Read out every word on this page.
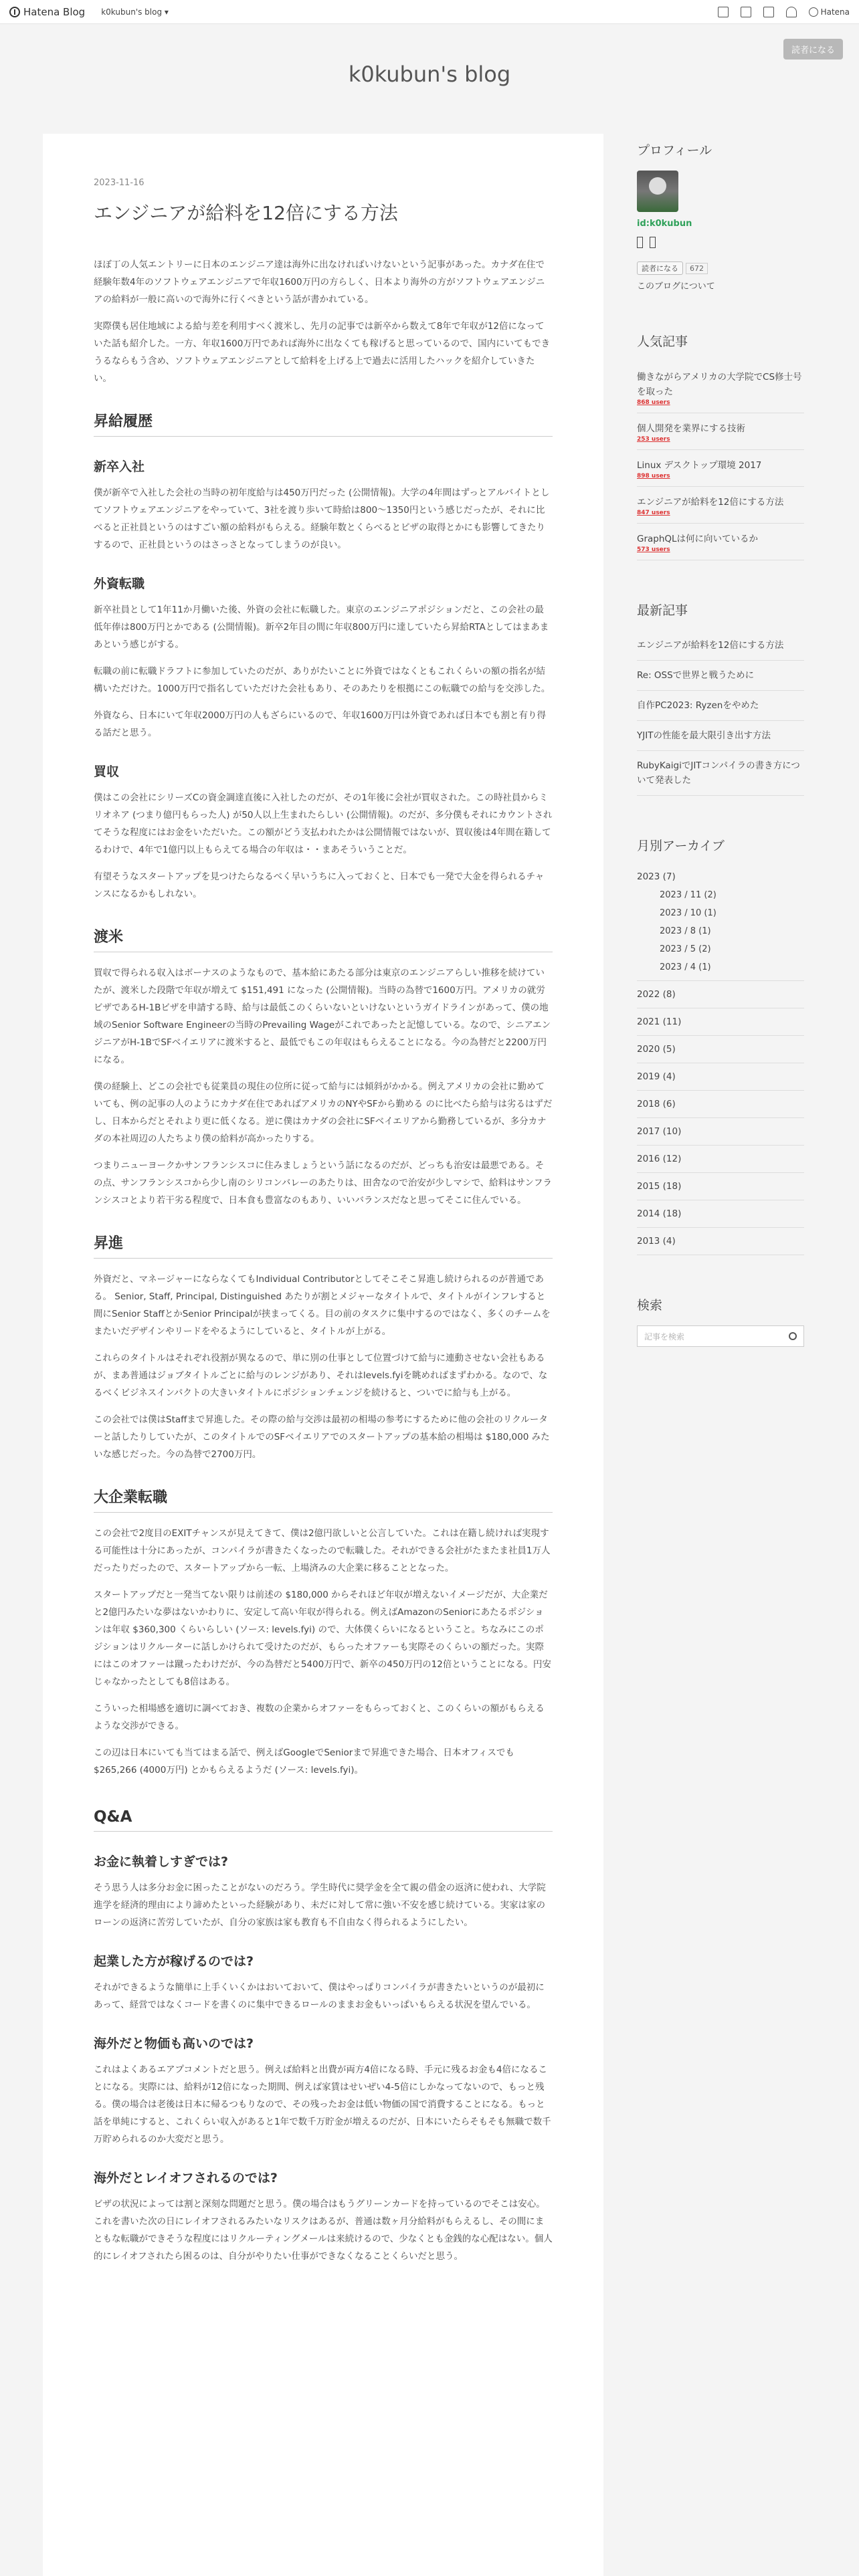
Hatena Blog k0kubun's blog ▾	Hatena
読者になる
k0kubun's blog
2023-11-16
エンジニアが給料を12倍にする方法

ほぼ丁の人気エントリーに日本のエンジニア達は海外に出なければいけないという記事があった。カナダ在住で経験年数4年のソフトウェアエンジニアで年収1600万円の方らしく、日本より海外の方がソフトウェアエンジニアの給料が一般に高いので海外に行くべきという話が書かれている。

実際僕も居住地域による給与差を利用すべく渡米し、先月の記事では新卒から数えて8年で年収が12倍になっていた話も紹介した。一方、年収1600万円であれば海外に出なくても稼げると思っているので、国内にいてもできうるならもう含め、ソフトウェアエンジニアとして給料を上げる上で過去に活用したハックを紹介していきたい。

昇給履歴
新卒入社

僕が新卒で入社した会社の当時の初年度給与は450万円だった (公開情報)。大学の4年間はずっとアルバイトとしてソフトウェアエンジニアをやっていて、3社を渡り歩いて時給は800〜1350円という感じだったが、それに比べると正社員というのはすごい額の給料がもらえる。経験年数とくらべるとピザの取得とかにも影響してきたりするので、正社員というのはさっさとなってしまうのが良い。

外資転職

新卒社員として1年11か月働いた後、外資の会社に転職した。東京のエンジニアポジションだと、この会社の最低年俸は800万円とかである (公開情報)。新卒2年目の間に年収800万円に達していたら昇給RTAとしてはまあまあという感じがする。

転職の前に転職ドラフトに参加していたのだが、ありがたいことに外資ではなくともこれくらいの額の指名が結構いただけた。1000万円で指名していただけた会社もあり、そのあたりを根拠にこの転職での給与を交渉した。

外資なら、日本にいて年収2000万円の人もざらにいるので、年収1600万円は外資であれば日本でも割と有り得る話だと思う。

買収

僕はこの会社にシリーズCの資金調達直後に入社したのだが、その1年後に会社が買収された。この時社員からミリオネア (つまり億円もらった人) が50人以上生まれたらしい (公開情報)。のだが、多分僕もそれにカウントされてそうな程度にはお金をいただいた。この額がどう支払われたかは公開情報ではないが、買収後は4年間在籍してるわけで、4年で1億円以上もらえてる場合の年収は・・まあそういうことだ。

有望そうなスタートアップを見つけたらなるべく早いうちに入っておくと、日本でも一発で大金を得られるチャンスになるかもしれない。

渡米

買収で得られる収入はボーナスのようなもので、基本給にあたる部分は東京のエンジニアらしい推移を続けていたが、渡米した段階で年収が増えて $151,491 になった (公開情報)。当時の為替で1600万円。アメリカの就労ビザであるH-1Bビザを申請する時、給与は最低このくらいないといけないというガイドラインがあって、僕の地域のSenior Software Engineerの当時のPrevailing Wageがこれであったと記憶している。なので、シニアエンジニアがH-1BでSFベイエリアに渡米すると、最低でもこの年収はもらえることになる。今の為替だと2200万円になる。

僕の経験上、どこの会社でも従業員の現住の位所に従って給与には傾斜がかかる。例えアメリカの会社に勤めていても、例の記事の人のようにカナダ在住であればアメリカのNYやSFから勤める のに比べたら給与は劣るはずだし、日本からだとそれより更に低くなる。逆に僕はカナダの会社にSFベイエリアから勤務しているが、多分カナダの本社周辺の人たちより僕の給料が高かったりする。

つまりニューヨークかサンフランシスコに住みましょうという話になるのだが、どっちも治安は最悪である。その点、サンフランシスコから少し南のシリコンバレーのあたりは、田舎なので治安が少しマシで、給料はサンフランシスコとより若干劣る程度で、日本食も豊富なのもあり、いいバランスだなと思ってそこに住んでいる。

昇進

外資だと、マネージャーにならなくてもIndividual Contributorとしてそこそこ昇進し続けられるのが普通である。 Senior, Staff, Principal, Distinguished あたりが割とメジャーなタイトルで、タイトルがインフレすると間にSenior StaffとかSenior Principalが挟まってくる。目の前のタスクに集中するのではなく、多くのチームをまたいだデザインやリードをやるようにしていると、タイトルが上がる。

これらのタイトルはそれぞれ役割が異なるので、単に別の仕事として位置づけて給与に連動させない会社もあるが、まあ普通はジョブタイトルごとに給与のレンジがあり、それはlevels.fyiを眺めればまずわかる。なので、なるべくビジネスインパクトの大きいタイトルにポジションチェンジを続けると、ついでに給与も上がる。

この会社では僕はStaffまで昇進した。その際の給与交渉は最初の相場の参考にするために他の会社のリクルーターと話したりしていたが、このタイトルでのSFベイエリアでのスタートアップの基本給の相場は $180,000 みたいな感じだった。今の為替で2700万円。

大企業転職

この会社で2度目のEXITチャンスが見えてきて、僕は2億円欲しいと公言していた。これは在籍し続ければ実現する可能性は十分にあったが、コンパイラが書きたくなったので転職した。それができる会社がたまたま社員1万人だったりだったので、スタートアップから一転、上場済みの大企業に移ることとなった。

スタートアップだと一発当てない限りは前述の $180,000 からそれほど年収が増えないイメージだが、大企業だと2億円みたいな夢はないかわりに、安定して高い年収が得られる。例えばAmazonのSeniorにあたるポジションは年収 $360,300 くらいらしい (ソース: levels.fyi) ので、大体僕くらいになるということ。ちなみにこのポジションはリクルーターに話しかけられて受けたのだが、もらったオファーも実際そのくらいの額だった。実際にはこのオファーは蹴ったわけだが、今の為替だと5400万円で、新卒の450万円の12倍ということになる。円安じゃなかったとしても8倍はある。

こういった相場感を適切に調べておき、複数の企業からオファーをもらっておくと、このくらいの額がもらえるような交渉ができる。

この辺は日本にいても当てはまる話で、例えばGoogleでSeniorまで昇進できた場合、日本オフィスでも $265,266 (4000万円) とかもらえるようだ (ソース: levels.fyi)。

Q&A
お金に執着しすぎでは?

そう思う人は多分お金に困ったことがないのだろう。学生時代に奨学金を全て親の借金の返済に使われ、大学院進学を経済的理由により諦めたといった経験があり、未だに対して常に強い不安を感じ続けている。実家は家のローンの返済に苦労していたが、自分の家族は家も教育も不自由なく得られるようにしたい。

起業した方が稼げるのでは?

それができるような簡単に上手くいくかはおいておいて、僕はやっぱりコンパイラが書きたいというのが最初にあって、経営ではなくコードを書くのに集中できるロールのままお金もいっぱいもらえる状況を望んでいる。

海外だと物価も高いのでは?

これはよくあるエアプコメントだと思う。例えば給料と出費が両方4倍になる時、手元に残るお金も4倍になることになる。実際には、給料が12倍になった期間、例えば家賃はせいぜい4-5倍にしかなってないので、もっと残る。僕の場合は老後は日本に帰るつもりなので、その残ったお金は低い物価の国で消費することになる。もっと話を単純にすると、これくらい収入があると1年で数千万貯金が増えるのだが、日本にいたらそもそも無職で数千万貯められるのか大変だと思う。

海外だとレイオフされるのでは?

ビザの状況によっては割と深刻な問題だと思う。僕の場合はもうグリーンカードを持っているのでそこは安心。これを書いた次の日にレイオフされるみたいなリスクはあるが、普通は数ヶ月分給料がもらえるし、その間にまともな転職ができそうな程度にはリクルーティングメールは来続けるので、少なくとも金銭的な心配はない。個人的にレイオフされたら困るのは、自分がやりたい仕事ができなくなることくらいだと思う。

プロフィール
id:k0kubun
読者になる	672
このブログについて
人気記事
働きながらアメリカの大学院でCS修士号を取った
868 users
個人開発を業界にする技術
253 users
Linux デスクトップ環境 2017
898 users
エンジニアが給料を12倍にする方法
847 users
GraphQLは何に向いているか
573 users
最新記事
エンジニアが給料を12倍にする方法
Re: OSSで世界と戦うために
自作PC2023: Ryzenをやめた
YJITの性能を最大限引き出す方法
RubyKaigiでJITコンパイラの書き方について発表した
月別アーカイブ
2023 (7)
2023 / 11 (2)
2023 / 10 (1)
2023 / 8 (1)
2023 / 5 (2)
2023 / 4 (1)
2022 (8)
2021 (11)
2020 (5)
2019 (4)
2018 (6)
2017 (10)
2016 (12)
2015 (18)
2014 (18)
2013 (4)
検索
記事を検索
